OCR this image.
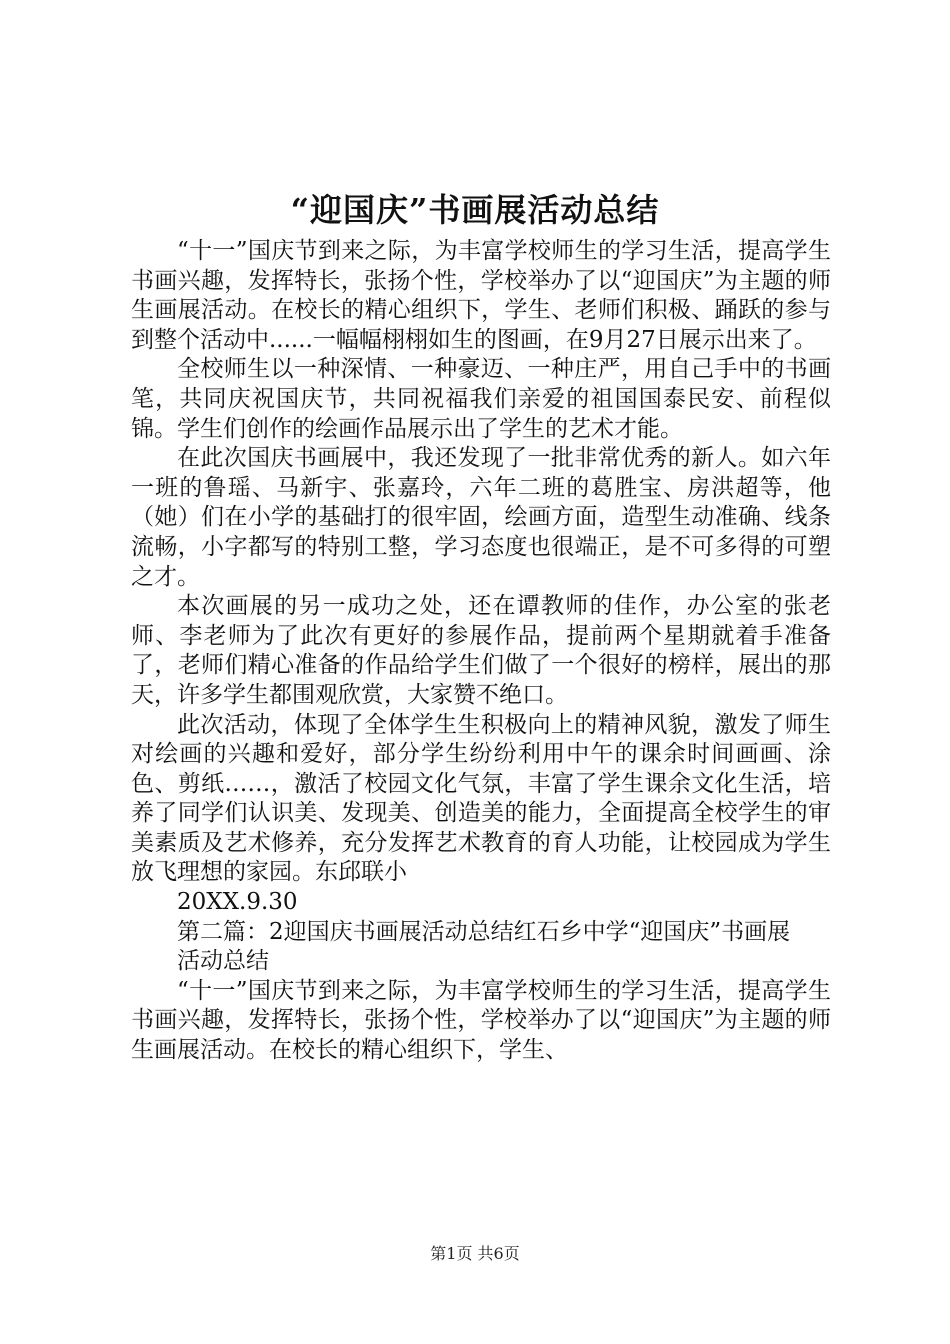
“迎国庆”书画展活动总结

“十一”国庆节到来之际，为丰富学校师生的学习生活，提高学生书画兴趣，发挥特长，张扬个性，学校举办了以“迎国庆”为主题的师生画展活动。在校长的精心组织下，学生、老师们积极、踊跃的参与到整个活动中......一幅幅栩栩如生的图画，在9月27日展示出来了。

全校师生以一种深情、一种豪迈、一种庄严，用自己手中的书画笔，共同庆祝国庆节，共同祝福我们亲爱的祖国国泰民安、前程似锦。学生们创作的绘画作品展示出了学生的艺术才能。

在此次国庆书画展中，我还发现了一批非常优秀的新人。如六年一班的鲁瑶、马新宇、张嘉玲，六年二班的葛胜宝、房洪超等，他（她）们在小学的基础打的很牢固，绘画方面，造型生动准确、线条流畅，小字都写的特别工整，学习态度也很端正，是不可多得的可塑之才。

本次画展的另一成功之处，还在谭教师的佳作，办公室的张老师、李老师为了此次有更好的参展作品，提前两个星期就着手准备了，老师们精心准备的作品给学生们做了一个很好的榜样，展出的那天，许多学生都围观欣赏，大家赞不绝口。

此次活动，体现了全体学生生积极向上的精神风貌，激发了师生对绘画的兴趣和爱好，部分学生纷纷利用中午的课余时间画画、涂色、剪纸……，激活了校园文化气氛，丰富了学生课余文化生活，培养了同学们认识美、发现美、创造美的能力，全面提高全校学生的审美素质及艺术修养，充分发挥艺术教育的育人功能，让校园成为学生放飞理想的家园。东邱联小

20XX.9.30

第二篇：2迎国庆书画展活动总结红石乡中学“迎国庆”书画展

活动总结

“十一”国庆节到来之际，为丰富学校师生的学习生活，提高学生书画兴趣，发挥特长，张扬个性，学校举办了以“迎国庆”为主题的师生画展活动。在校长的精心组织下，学生、

第1页 共6页
